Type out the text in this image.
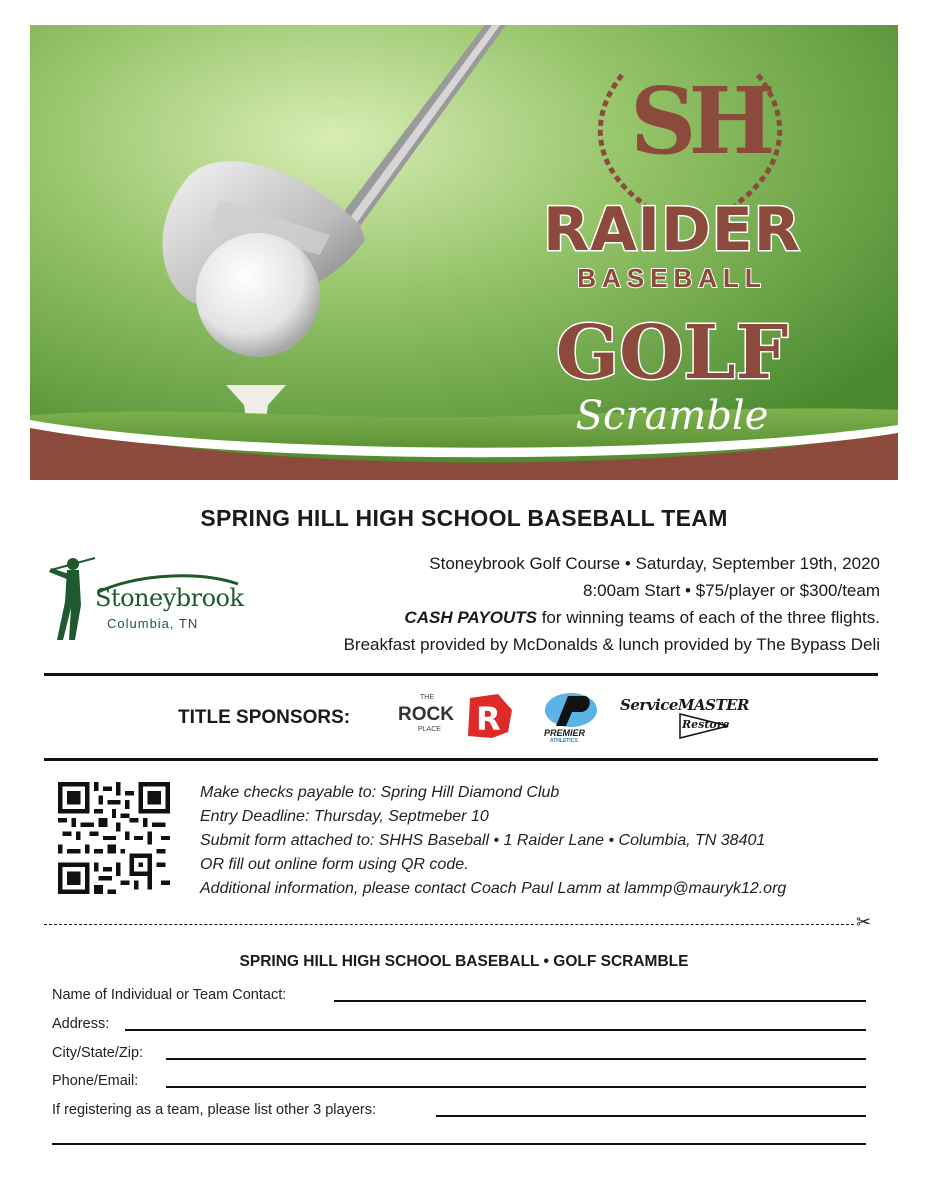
SH
RAIDER
BASEBALL
GOLF
Scramble
SPRING HILL HIGH SCHOOL BASEBALL TEAM
Stoneybrook
Columbia, TN
Stoneybrook Golf Course • Saturday, September 19th, 2020
8:00am Start • $75/player or $300/team
CASH PAYOUTS for winning teams of each of the three flights.
Breakfast provided by McDonalds & lunch provided by The Bypass Deli
TITLE SPONSORS:
THE
ROCK
PLACE R	PREMIER
ATHLETICS
ServiceMASTER
Restore
Make checks payable to: Spring Hill Diamond Club
Entry Deadline: Thursday, Septmeber 10
Submit form attached to: SHHS Baseball • 1 Raider Lane • Columbia, TN 38401
OR fill out online form using QR code.
Additional information, please contact Coach Paul Lamm at lammp@mauryk12.org
✂
SPRING HILL HIGH SCHOOL BASEBALL • GOLF SCRAMBLE
Name of Individual or Team Contact:
Address:
City/State/Zip:
Phone/Email:
If registering as a team, please list other 3 players:
